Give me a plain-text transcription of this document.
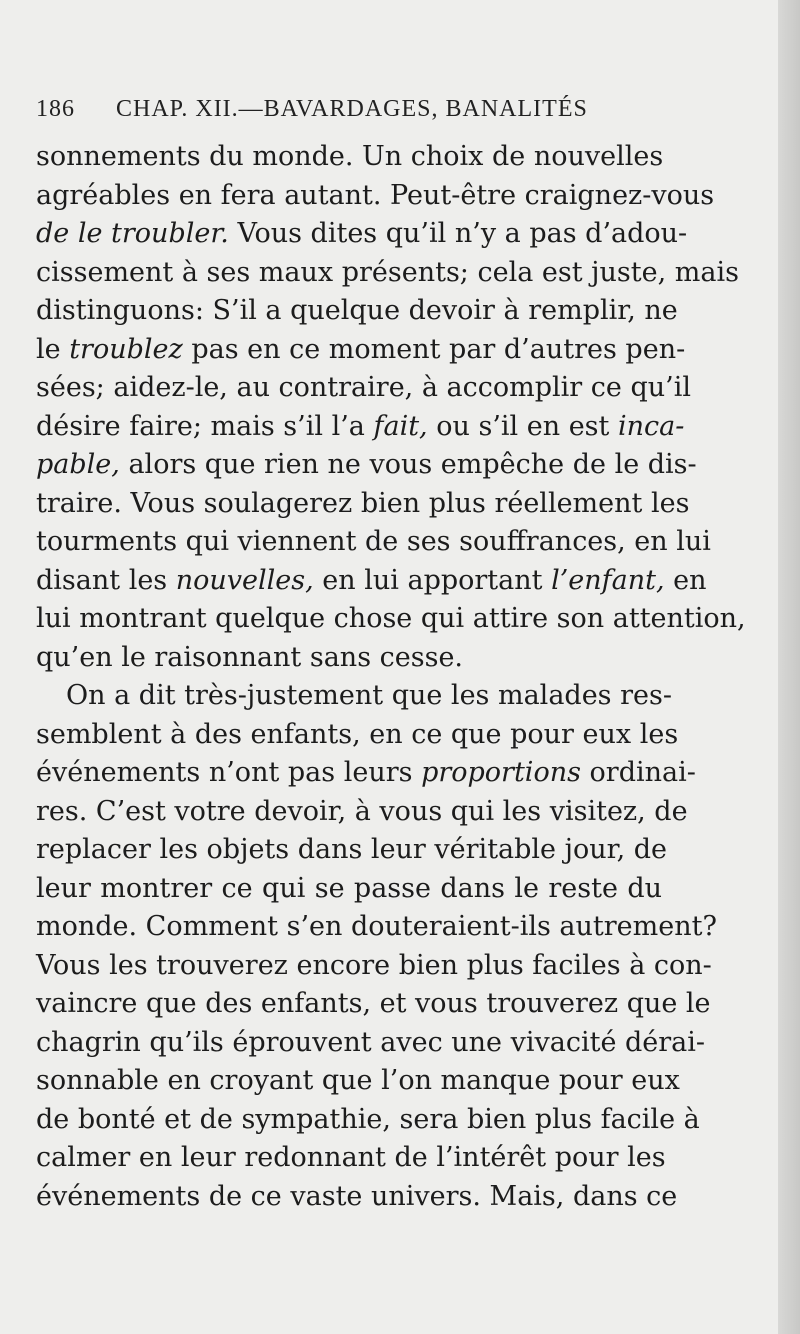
186 CHAP. XII.—BAVARDAGES, BANALITÉS
sonnements du monde. Un choix de nouvelles
agréables en fera autant. Peut-être craignez-vous
de le troubler. Vous dites qu’il n’y a pas d’adou-
cissement à ses maux présents; cela est juste, mais
distinguons: S’il a quelque devoir à remplir, ne
le troublez pas en ce moment par d’autres pen-
sées; aidez-le, au contraire, à accomplir ce qu’il
désire faire; mais s’il l’a fait, ou s’il en est inca-
pable, alors que rien ne vous empêche de le dis-
traire. Vous soulagerez bien plus réellement les
tourments qui viennent de ses souffrances, en lui
disant les nouvelles, en lui apportant l’enfant, en
lui montrant quelque chose qui attire son attention,
qu’en le raisonnant sans cesse.
On a dit très-justement que les malades res-
semblent à des enfants, en ce que pour eux les
événements n’ont pas leurs proportions ordinai-
res. C’est votre devoir, à vous qui les visitez, de
replacer les objets dans leur véritable jour, de
leur montrer ce qui se passe dans le reste du
monde. Comment s’en douteraient-ils autrement?
Vous les trouverez encore bien plus faciles à con-
vaincre que des enfants, et vous trouverez que le
chagrin qu’ils éprouvent avec une vivacité dérai-
sonnable en croyant que l’on manque pour eux
de bonté et de sympathie, sera bien plus facile à
calmer en leur redonnant de l’intérêt pour les
événements de ce vaste univers. Mais, dans ce
